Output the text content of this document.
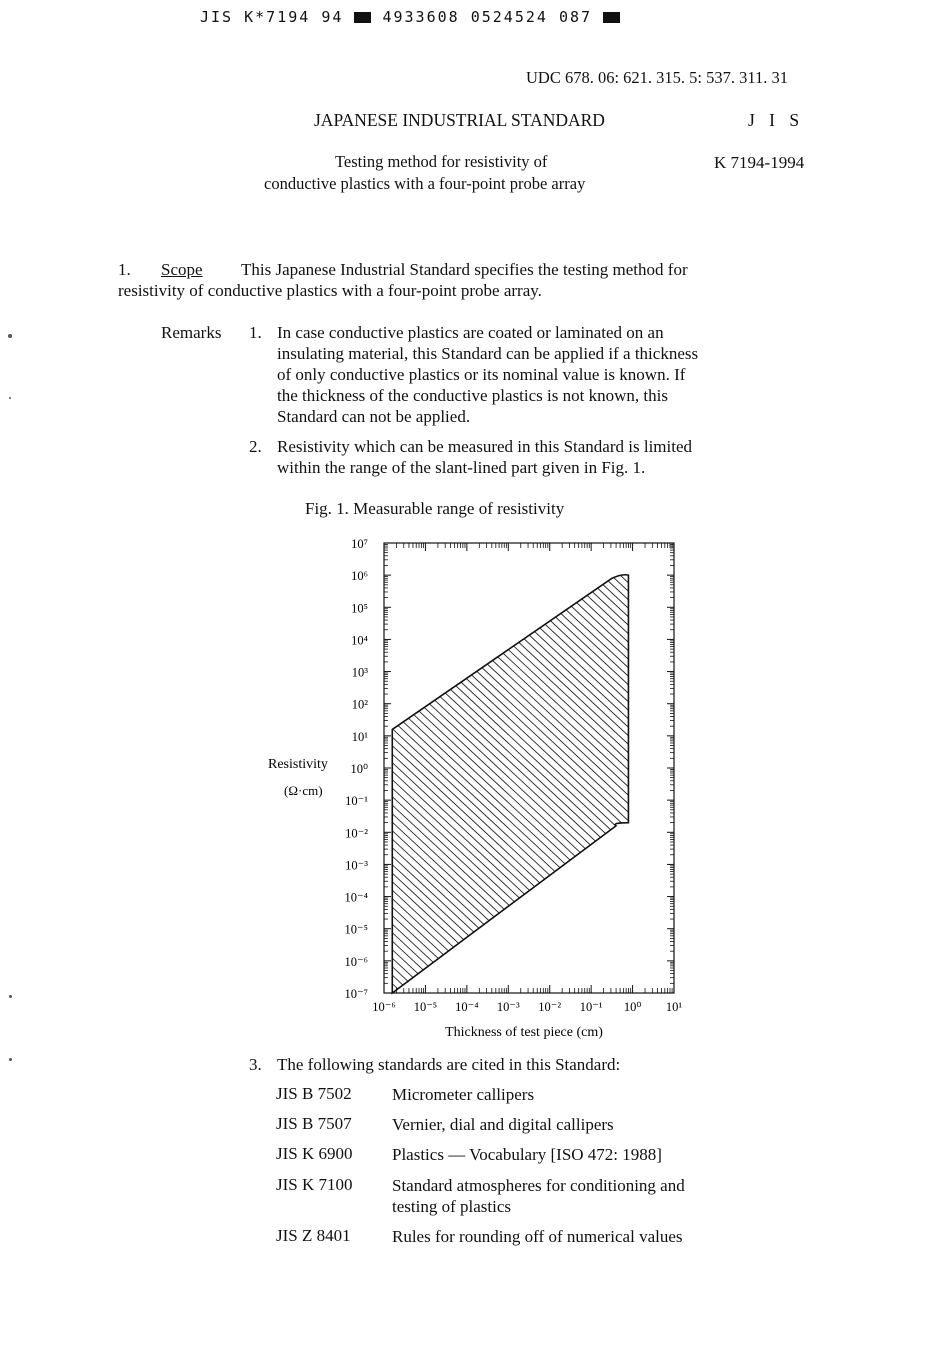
JIS K*7194 94	4933608 0524524 087
UDC 678. 06: 621. 315. 5: 537. 311. 31
JAPANESE INDUSTRIAL STANDARD	J I S
Testing method for resistivity of
conductive plastics with a four-point probe array
K 7194-1994
1. Scope This Japanese Industrial Standard specifies the testing method for
resistivity of conductive plastics with a four-point probe array.
Remarks 1. In case conductive plastics are coated or laminated on an
insulating material, this Standard can be applied if a thickness
of only conductive plastics or its nominal value is known. If
the thickness of the conductive plastics is not known, this
Standard can not be applied.
2. Resistivity which can be measured in this Standard is limited
within the range of the slant-lined part given in Fig. 1.
Fig. 1. Measurable range of resistivity
10⁷
10⁶
10⁵
10⁴
10³
10²
10¹
10⁰
10⁻¹
10⁻²
10⁻³
10⁻⁴
10⁻⁵
10⁻⁶
10⁻⁷
10⁻⁶ 10⁻⁵ 10⁻⁴ 10⁻³ 10⁻² 10⁻¹ 10⁰ 10¹
Resistivity
(Ω·cm)
Thickness of test piece (cm)
3. The following standards are cited in this Standard:
JIS B 7502 Micrometer callipers
JIS B 7507 Vernier, dial and digital callipers
JIS K 6900 Plastics — Vocabulary [ISO 472: 1988]
JIS K 7100 Standard atmospheres for conditioning and
testing of plastics
JIS Z 8401 Rules for rounding off of numerical values
